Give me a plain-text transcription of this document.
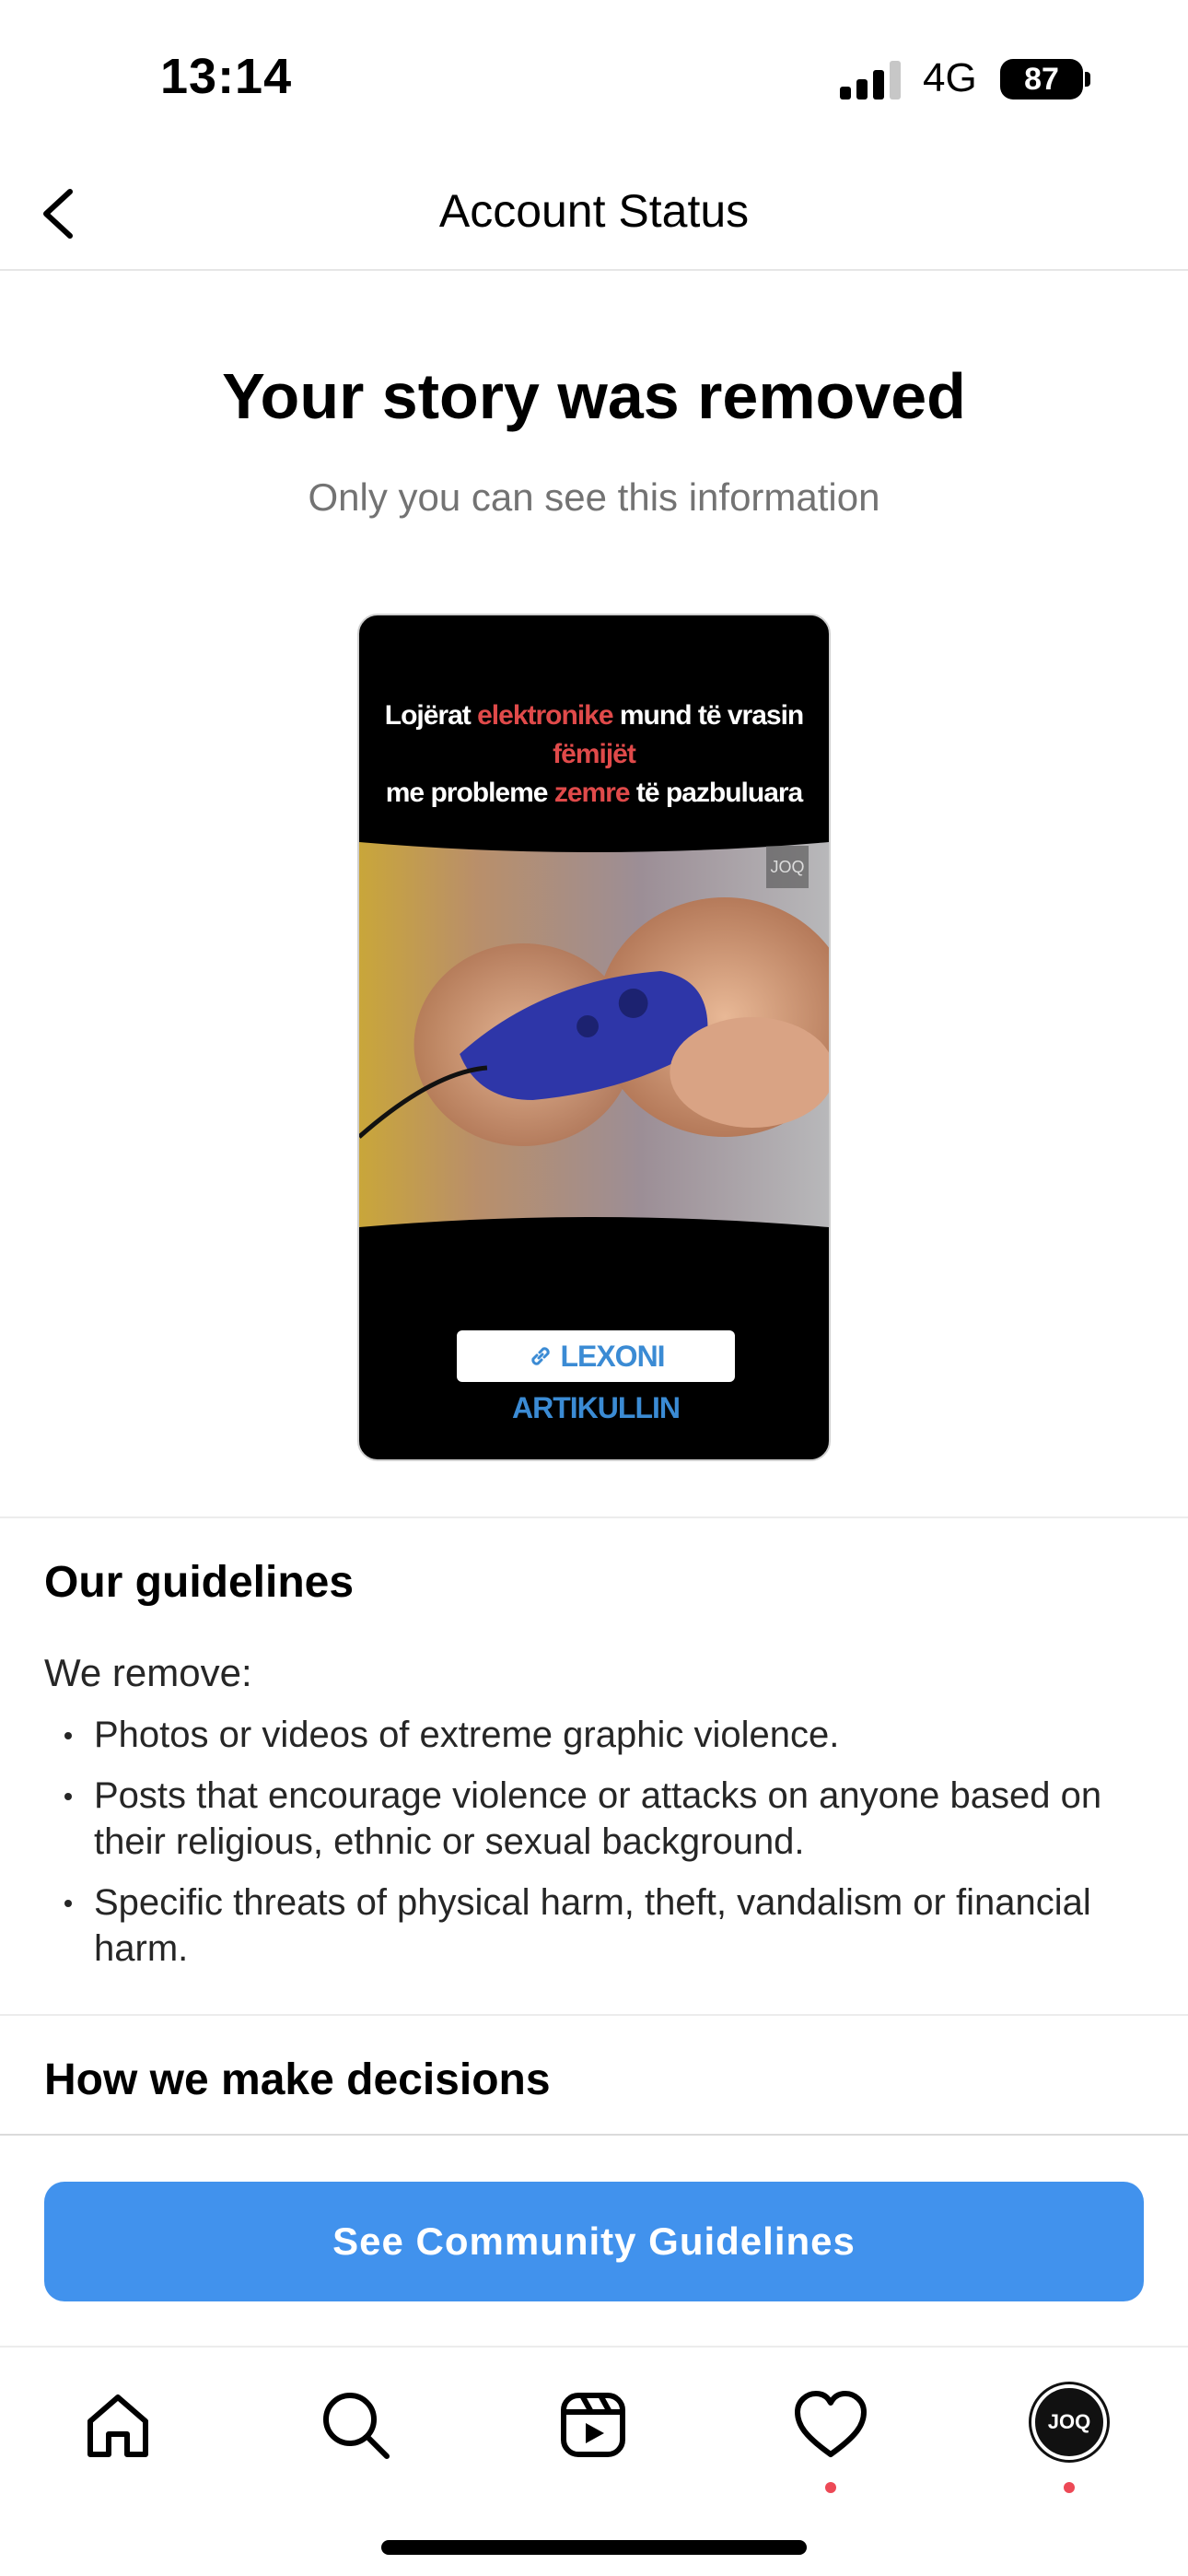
13:14	4G	87
Account Status
Your story was removed
Only you can see this information
Lojërat elektronike mund të vrasin fëmijët
me probleme zemre të pazbuluara
JOQ
LEXONI ARTIKULLIN
Our guidelines
We remove:
Photos or videos of extreme graphic violence.
Posts that encourage violence or attacks on anyone based on their religious, ethnic or sexual background.
Specific threats of physical harm, theft, vandalism or financial harm.
How we make decisions
See Community Guidelines
JOQ
